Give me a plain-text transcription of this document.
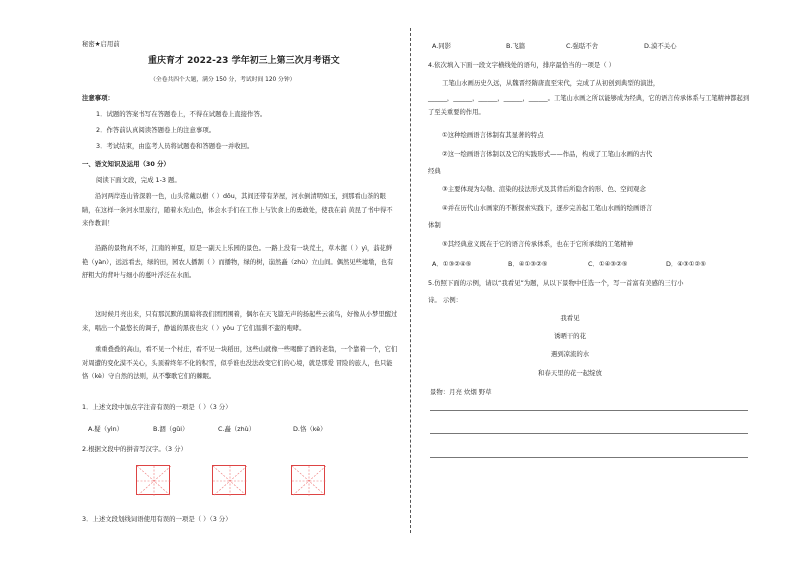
秘密★启用前
重庆育才 2022-23 学年初三上第三次月考语文
（全卷共四个大题，满分 150 分，考试时间 120 分钟）
注意事项：
1．试题的答案书写在答题卷上，不得在试题卷上直接作答。
2．作答前认真阅读答题卷上的注意事项。
3．考试结束，由监考人员将试题卷和答题卷一并收回。
一、语文知识及运用（30 分）
阅读下面文段，完成 1-3 题。
沿河两岸连山皆深碧一色，山头常戴以樹（ ）dǒu，其间还带有茅屋，河水倒清明如玉，到那看山茶的眼睛，在这样一条河水里旅行，随着水光山色，体会水手们在工作上与饮食上的勇敢处，使我在前 黄昆了书中得不来作教训！
沿路的景物真不坏，江南的神夏，原是一副天上乐园的景色。一路上没有一块荒土，草木握（ ）yì，蓊花鲜艳（yàn），远远看去，绿的田，园农人播割（ ）而播物，绿的树，崩然矗（zhù）立山间。偶然见些墟墩，也有舒粗大的背叶与细小的蔓叶浮泛在水面。
这时候月亮出来，只有那沉默的黑暗将我们团团围着，偶尔在天飞篇无声的扬起些云雀鸟，好像从小梦里醒过来，唱出一个最悠长的调子，静谧的黑夜也灾（ ）yǒu 了它们温驯不蛮的咆哮。
重重叠叠的高山，看不见一个村庄，看不见一块稻田，这些山就像一些喝醉了酒的老翁，一个靠着一个，它们对周遭的变化漠不关心，头顶着终年不化的积雪，似乎谁也没法改变它们的心境，就是那爱 冒险的旅人，也只能恪（kè）守自然的法则，从不擎歌它们的棘眠。
1．上述文段中加点字注音有误的一项是（ ）（3 分）
A.疑（yìn）	B.涸（gǔi）	C.矗（zhù）	D.恪（kè）
2.根据文段中的拼音写汉字。（3 分）
3．上述文段划线词语使用有误的一项是（ ）（3 分）
A.同影	B.飞篇	C.强聒不舍	D.漠不关心
4.依次填入下面一段文字横线处的语句，排序最恰当的一项是（ ）
工笔山水画历史久远，从魏晋经隋唐直至宋代，完成了从初创到典型的演进，
______，______，______，______，______。工笔山水画之所以能够成为经典，它的语言传承体系与工笔精神都起到了至关重要的作用。
①这种绘画语言体制有其显著的特点
②这一绘画语言体制以及它的实践形式——作品，构成了工笔山水画的古代
经典
③主要体现为勾勒、渲染的技法形式及其背后所隐含的形、色、空间观念
④并在历代山水画家的不断探索实践下，逐步完善起工笔山水画的绘画语言
体制
⑤其经典意义既在于它的语言传承体系，也在于它所承续的工笔精神
A．①③②④⑤	B．④①③②⑤	C．①④③②⑤	D．④③①②⑤
5.仿照下面的示例，请以“我看见”为题，从以下景物中任选一个，写一首富有美感的三行小
诗。 示例：
我看见
诱晒干的花
遇到凉流的水
和春天里的花一起绽放
景物：月亮 炊烟 野草
